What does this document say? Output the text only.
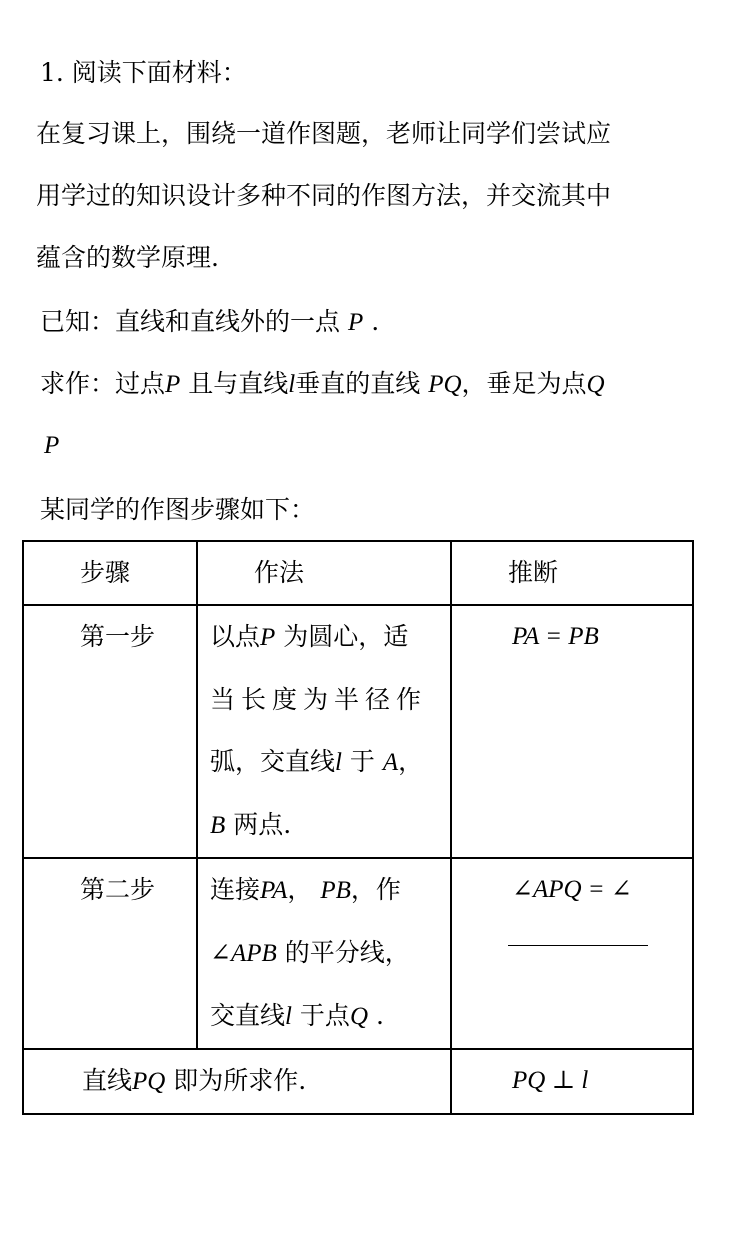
1. 阅读下面材料：
在复习课上，围绕一道作图题，老师让同学们尝试应
用学过的知识设计多种不同的作图方法，并交流其中
蕴含的数学原理.
已知：直线和直线外的一点 P .
求作：过点P 且与直线l垂直的直线 PQ，垂足为点Q
P
某同学的作图步骤如下：
步骤	作法	推断

第一步	以点P 为圆心，适
当长度为半径作
弧，交直线l 于 A，
B 两点.	PA = PB

第二步	连接PA， PB，作
∠APB 的平分线，
交直线l 于点Q .	∠APQ = ∠

直线PQ 即为所求作.		PQ ⊥ l
